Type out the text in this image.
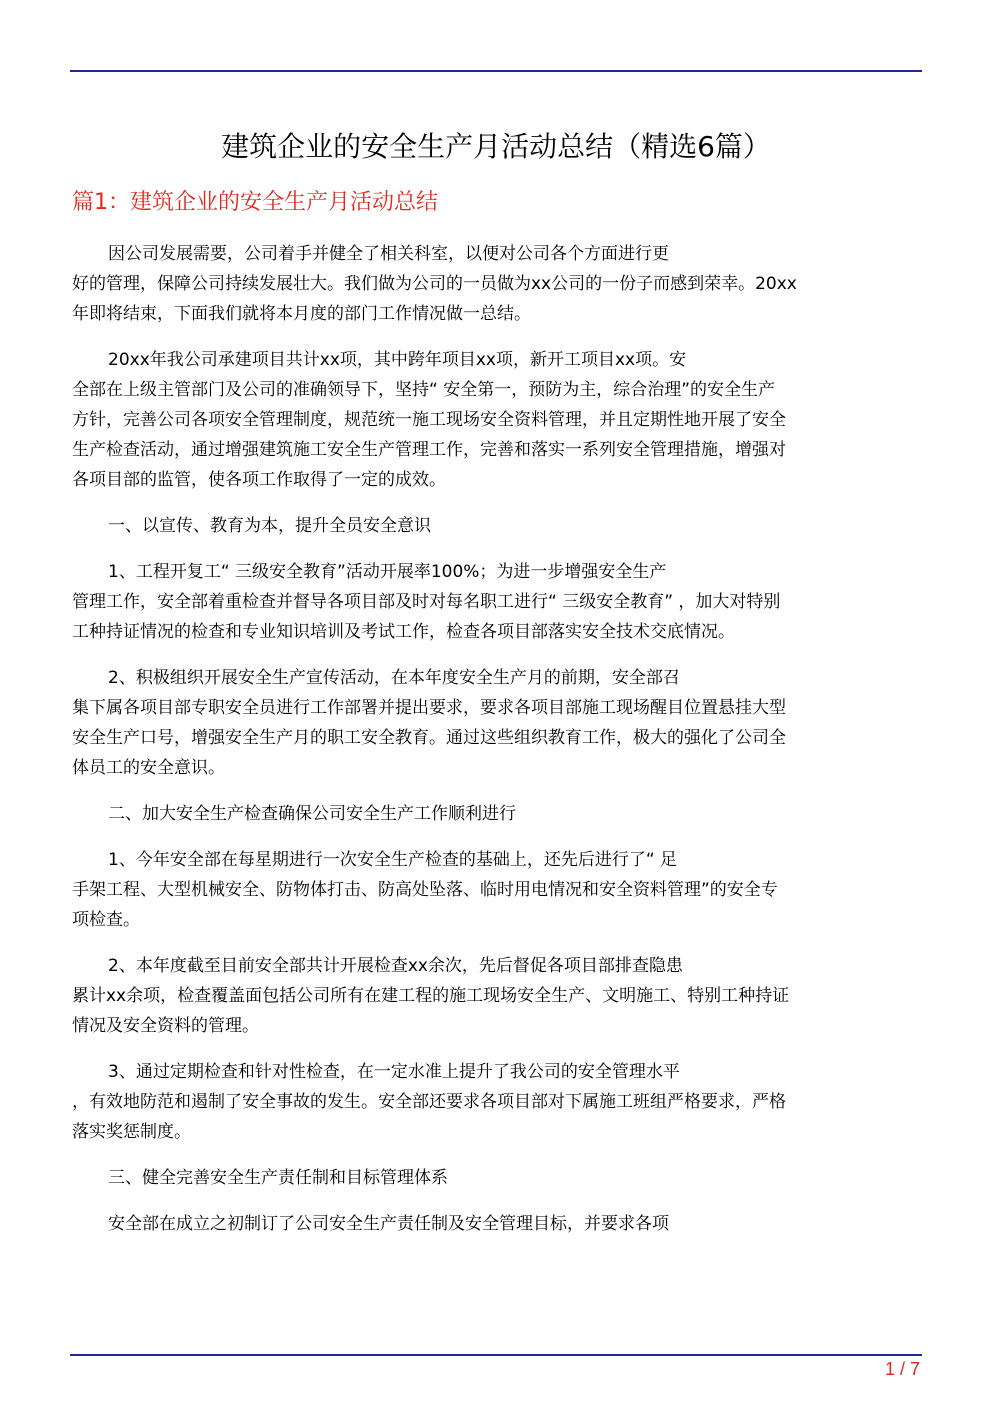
建筑企业的安全生产月活动总结（精选6篇）
篇1：建筑企业的安全生产月活动总结
因公司发展需要，公司着手并健全了相关科室，以便对公司各个方面进行更
好的管理，保障公司持续发展壮大。我们做为公司的一员做为xx公司的一份子而感到荣幸。20xx
年即将结束，下面我们就将本月度的部门工作情况做一总结。
20xx年我公司承建项目共计xx项，其中跨年项目xx项，新开工项目xx项。安
全部在上级主管部门及公司的准确领导下，坚持“ 安全第一，预防为主，综合治理”的安全生产
方针，完善公司各项安全管理制度，规范统一施工现场安全资料管理，并且定期性地开展了安全
生产检查活动，通过增强建筑施工安全生产管理工作，完善和落实一系列安全管理措施，增强对
各项目部的监管，使各项工作取得了一定的成效。
一、以宣传、教育为本，提升全员安全意识
1、工程开复工“ 三级安全教育”活动开展率100%；为进一步增强安全生产
管理工作，安全部着重检查并督导各项目部及时对每名职工进行“ 三级安全教育” ，加大对特别
工种持证情况的检查和专业知识培训及考试工作，检查各项目部落实安全技术交底情况。
2、积极组织开展安全生产宣传活动，在本年度安全生产月的前期，安全部召
集下属各项目部专职安全员进行工作部署并提出要求，要求各项目部施工现场醒目位置悬挂大型
安全生产口号，增强安全生产月的职工安全教育。通过这些组织教育工作，极大的强化了公司全
体员工的安全意识。
二、加大安全生产检查确保公司安全生产工作顺利进行
1、今年安全部在每星期进行一次安全生产检查的基础上，还先后进行了“ 足
手架工程、大型机械安全、防物体打击、防高处坠落、临时用电情况和安全资料管理”的安全专
项检查。
2、本年度截至目前安全部共计开展检查xx余次，先后督促各项目部排查隐患
累计xx余项，检查覆盖面包括公司所有在建工程的施工现场安全生产、文明施工、特别工种持证
情况及安全资料的管理。
3、通过定期检查和针对性检查，在一定水准上提升了我公司的安全管理水平
，有效地防范和遏制了安全事故的发生。安全部还要求各项目部对下属施工班组严格要求，严格
落实奖惩制度。
三、健全完善安全生产责任制和目标管理体系
安全部在成立之初制订了公司安全生产责任制及安全管理目标，并要求各项
1 / 7
